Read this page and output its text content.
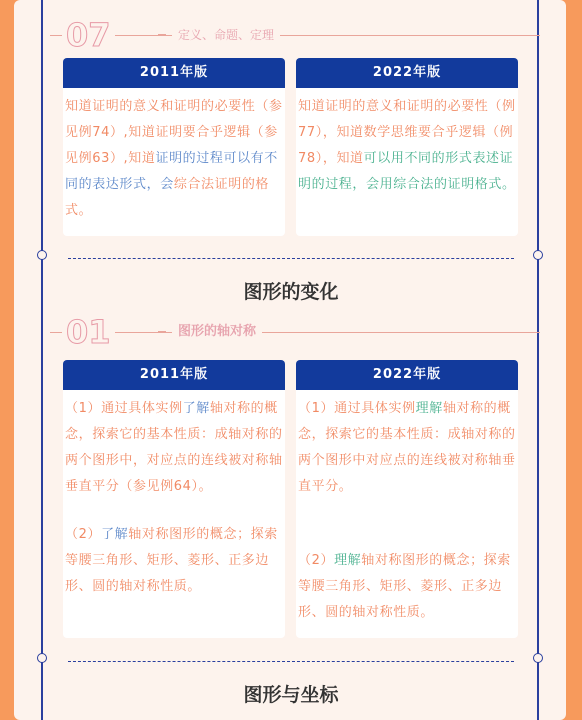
07	定义、命题、定理
2011年版

知道证明的意义和证明的必要性（参见例74）,知道证明要合乎逻辑（参见例63）,知道证明的过程可以有不同的表达形式，会综合法证明的格式。

2022年版

知道证明的意义和证明的必要性（例77），知道数学思维要合乎逻辑（例78），知道可以用不同的形式表述证明的过程，会用综合法的证明格式。

图形的变化
01	图形的轴对称
2011年版

（1）通过具体实例了解轴对称的概念，探索它的基本性质：成轴对称的两个图形中，对应点的连线被对称轴垂直平分（参见例64）。

（2）了解轴对称图形的概念；探索等腰三角形、矩形、菱形、正多边形、圆的轴对称性质。

2022年版

（1）通过具体实例理解轴对称的概念，探索它的基本性质：成轴对称的两个图形中对应点的连线被对称轴垂直平分。

（2）理解轴对称图形的概念；探索等腰三角形、矩形、菱形、正多边形、圆的轴对称性质。

图形与坐标
